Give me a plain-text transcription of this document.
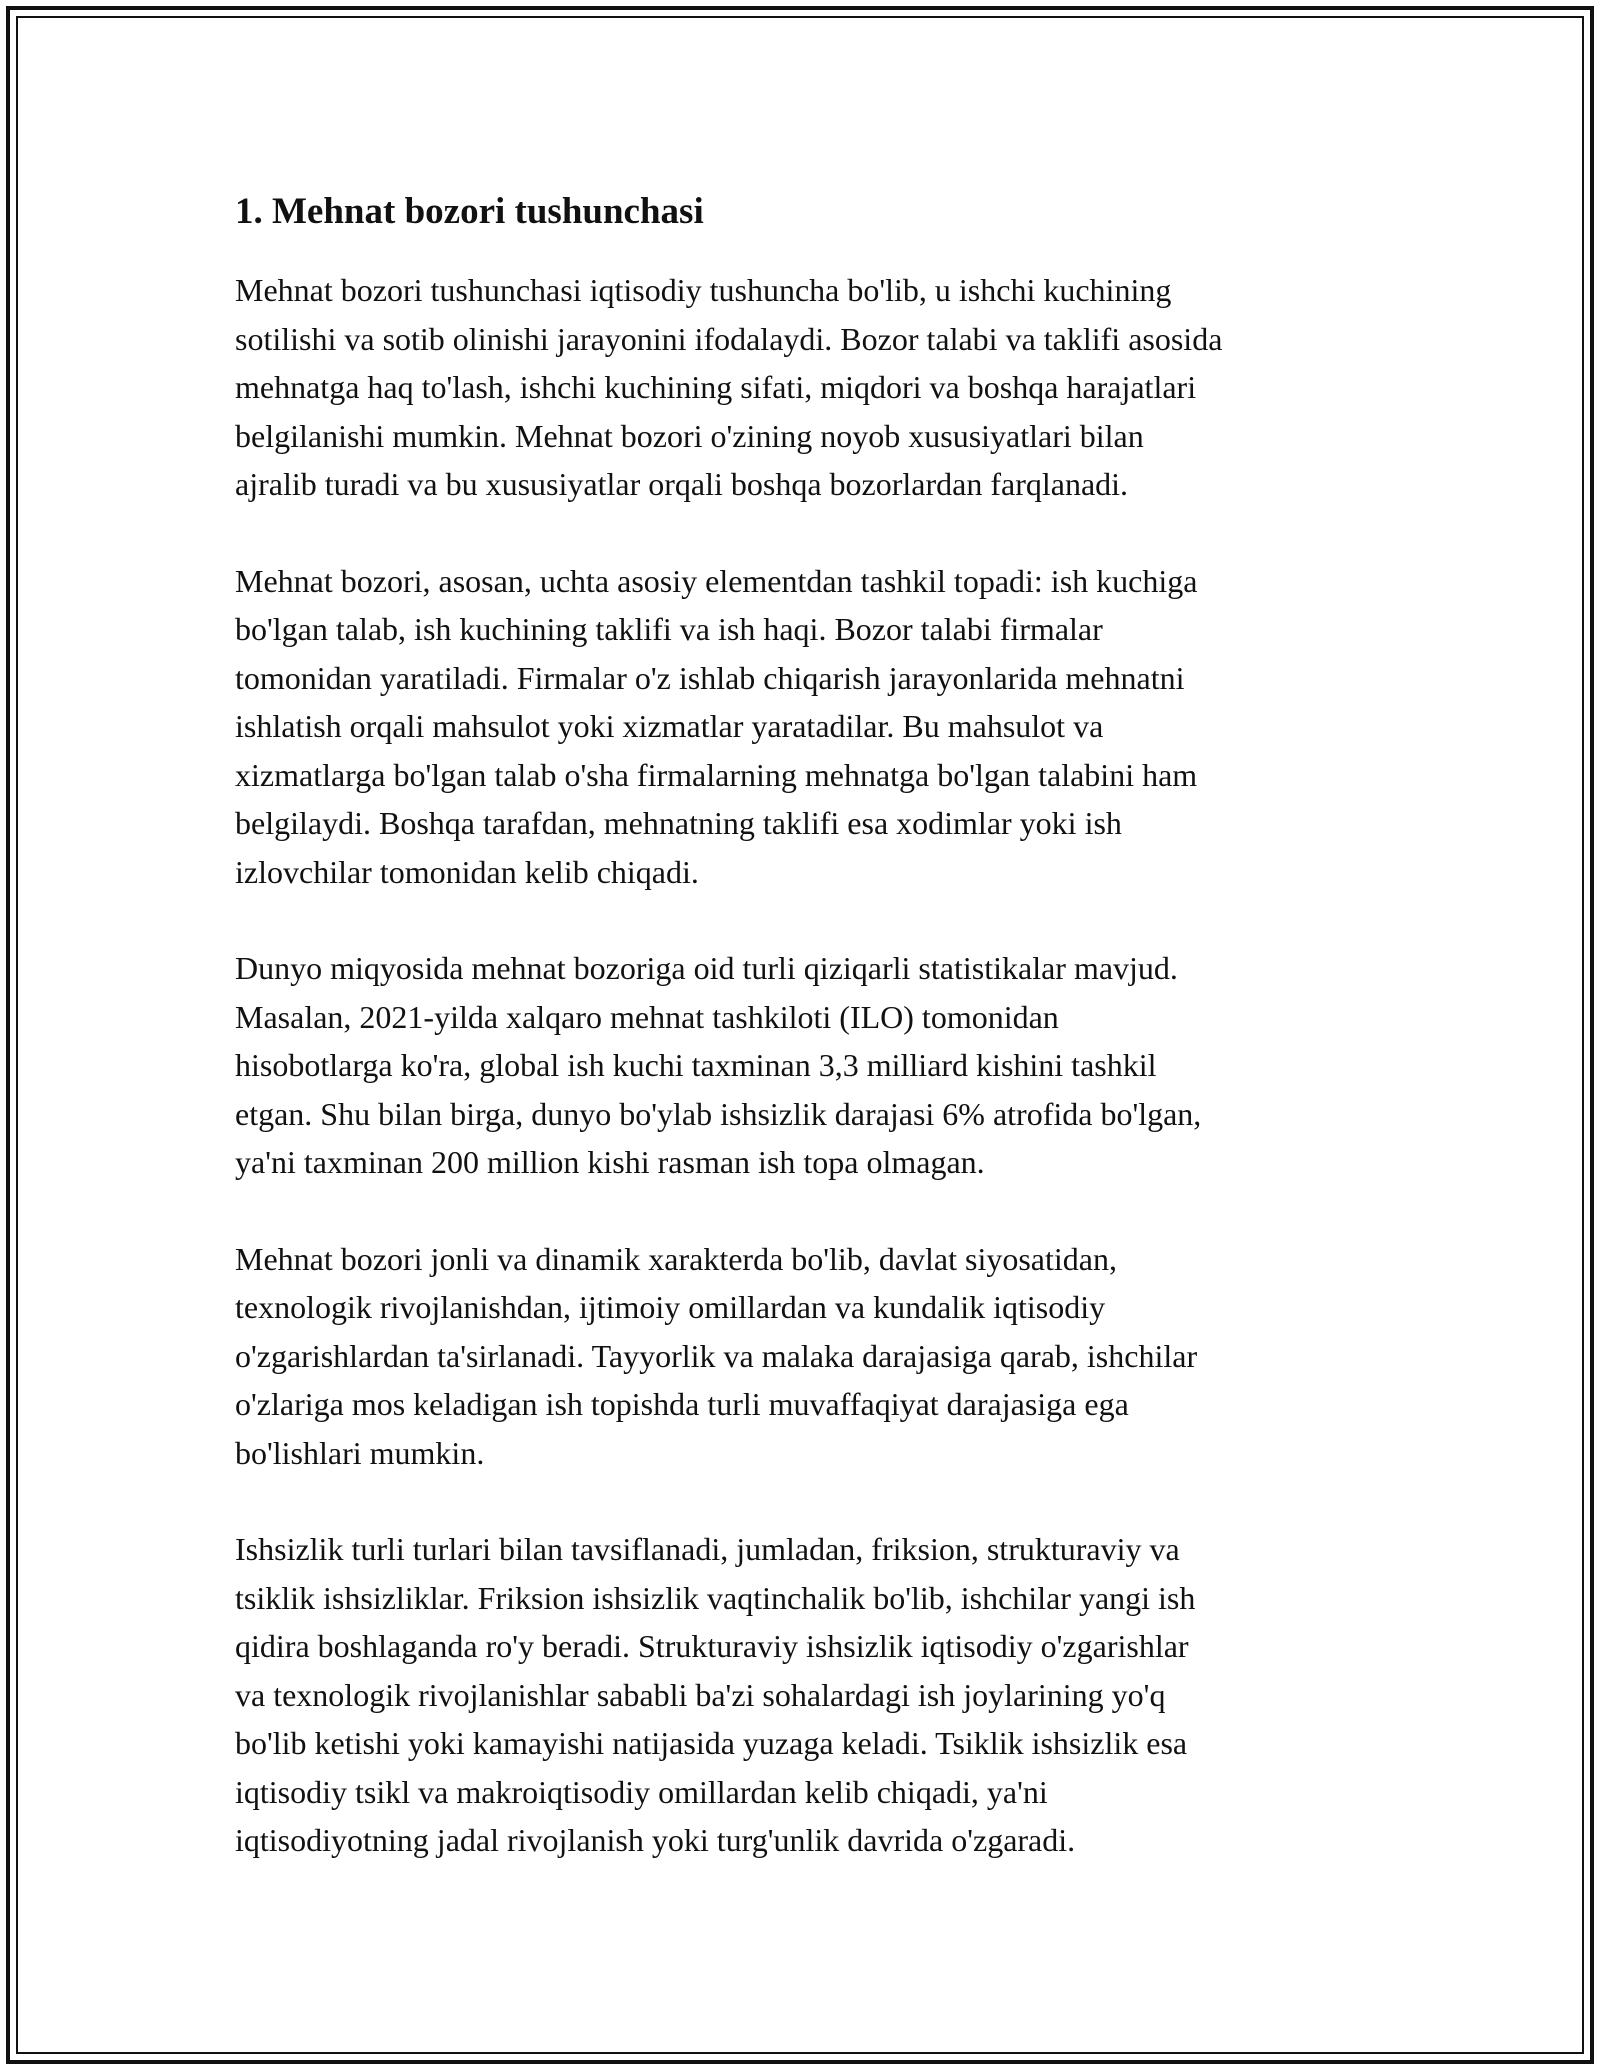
1. Mehnat bozori tushunchasi

Mehnat bozori tushunchasi iqtisodiy tushuncha bo'lib, u ishchi kuchining
sotilishi va sotib olinishi jarayonini ifodalaydi. Bozor talabi va taklifi asosida
mehnatga haq to'lash, ishchi kuchining sifati, miqdori va boshqa harajatlari
belgilanishi mumkin. Mehnat bozori o'zining noyob xususiyatlari bilan
ajralib turadi va bu xususiyatlar orqali boshqa bozorlardan farqlanadi.

Mehnat bozori, asosan, uchta asosiy elementdan tashkil topadi: ish kuchiga
bo'lgan talab, ish kuchining taklifi va ish haqi. Bozor talabi firmalar
tomonidan yaratiladi. Firmalar o'z ishlab chiqarish jarayonlarida mehnatni
ishlatish orqali mahsulot yoki xizmatlar yaratadilar. Bu mahsulot va
xizmatlarga bo'lgan talab o'sha firmalarning mehnatga bo'lgan talabini ham
belgilaydi. Boshqa tarafdan, mehnatning taklifi esa xodimlar yoki ish
izlovchilar tomonidan kelib chiqadi.

Dunyo miqyosida mehnat bozoriga oid turli qiziqarli statistikalar mavjud.
Masalan, 2021-yilda xalqaro mehnat tashkiloti (ILO) tomonidan
hisobotlarga ko'ra, global ish kuchi taxminan 3,3 milliard kishini tashkil
etgan. Shu bilan birga, dunyo bo'ylab ishsizlik darajasi 6% atrofida bo'lgan,
ya'ni taxminan 200 million kishi rasman ish topa olmagan.

Mehnat bozori jonli va dinamik xarakterda bo'lib, davlat siyosatidan,
texnologik rivojlanishdan, ijtimoiy omillardan va kundalik iqtisodiy
o'zgarishlardan ta'sirlanadi. Tayyorlik va malaka darajasiga qarab, ishchilar
o'zlariga mos keladigan ish topishda turli muvaffaqiyat darajasiga ega
bo'lishlari mumkin.

Ishsizlik turli turlari bilan tavsiflanadi, jumladan, friksion, strukturaviy va
tsiklik ishsizliklar. Friksion ishsizlik vaqtinchalik bo'lib, ishchilar yangi ish
qidira boshlaganda ro'y beradi. Strukturaviy ishsizlik iqtisodiy o'zgarishlar
va texnologik rivojlanishlar sababli ba'zi sohalardagi ish joylarining yo'q
bo'lib ketishi yoki kamayishi natijasida yuzaga keladi. Tsiklik ishsizlik esa
iqtisodiy tsikl va makroiqtisodiy omillardan kelib chiqadi, ya'ni
iqtisodiyotning jadal rivojlanish yoki turg'unlik davrida o'zgaradi.
